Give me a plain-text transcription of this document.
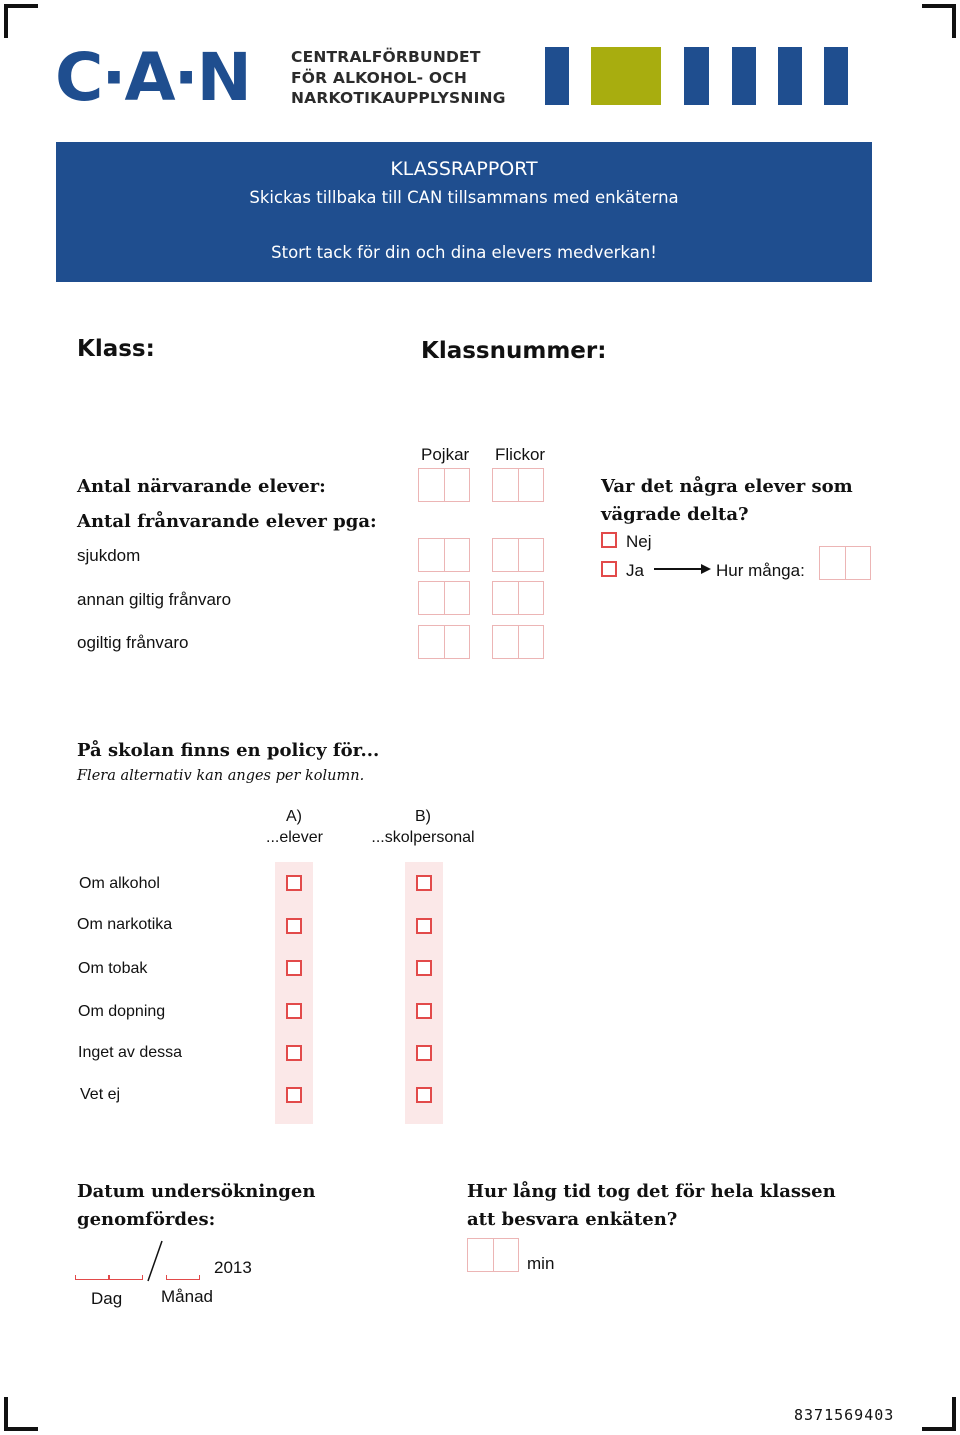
C·A·N	CENTRALFÖRBUNDET
FÖR ALKOHOL- OCH
NARKOTIKAUPPLYSNING
KLASSRAPPORT
Skickas tillbaka till CAN tillsammans med enkäterna
Stort tack för din och dina elevers medverkan!
Klass:	Klassnummer:
Pojkar Flickor
Antal närvarande elever:
Antal frånvarande elever pga:
sjukdom
annan giltig frånvaro
ogiltig frånvaro
Var det några elever som
vägrade delta?
Nej
Ja	Hur många:
På skolan finns en policy för...
Flera alternativ kan anges per kolumn.
A)
...elever
B)
...skolpersonal
Om alkohol
Om narkotika
Om tobak
Om dopning
Inget av dessa
Vet ej
Datum undersökningen
genomfördes:
2013
Dag Månad
Hur lång tid tog det för hela klassen
att besvara enkäten?
min
8371569403
